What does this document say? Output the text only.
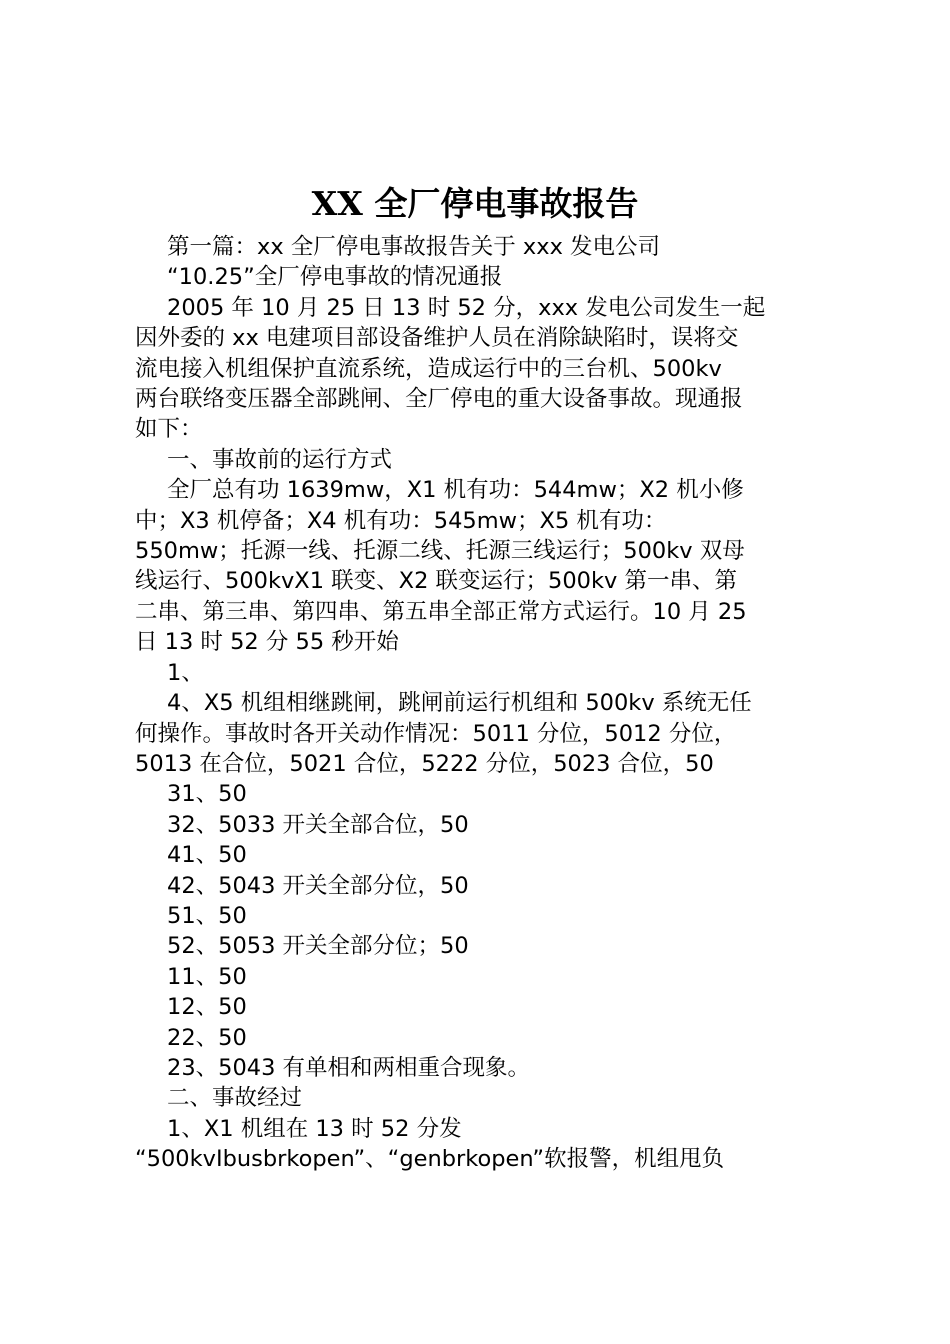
XX 全厂停电事故报告

第一篇：xx 全厂停电事故报告关于 xxx 发电公司

“10.25”全厂停电事故的情况通报

2005 年 10 月 25 日 13 时 52 分，xxx 发电公司发生一起

因外委的 xx 电建项目部设备维护人员在消除缺陷时，误将交

流电接入机组保护直流系统，造成运行中的三台机、500kv

两台联络变压器全部跳闸、全厂停电的重大设备事故。现通报

如下：

一、事故前的运行方式

全厂总有功 1639mw，X1 机有功：544mw；X2 机小修

中；X3 机停备；X4 机有功：545mw；X5 机有功：

550mw；托源一线、托源二线、托源三线运行；500kv 双母

线运行、500kvX1 联变、X2 联变运行；500kv 第一串、第

二串、第三串、第四串、第五串全部正常方式运行。10 月 25

日 13 时 52 分 55 秒开始

1、

4、X5 机组相继跳闸，跳闸前运行机组和 500kv 系统无任

何操作。事故时各开关动作情况：5011 分位，5012 分位，

5013 在合位，5021 合位，5222 分位，5023 合位，50

31、50

32、5033 开关全部合位，50

41、50

42、5043 开关全部分位，50

51、50

52、5053 开关全部分位；50

11、50

12、50

22、50

23、5043 有单相和两相重合现象。

二、事故经过

1、X1 机组在 13 时 52 分发

“500kvIbusbrkopen”、“genbrkopen”软报警，机组甩负
